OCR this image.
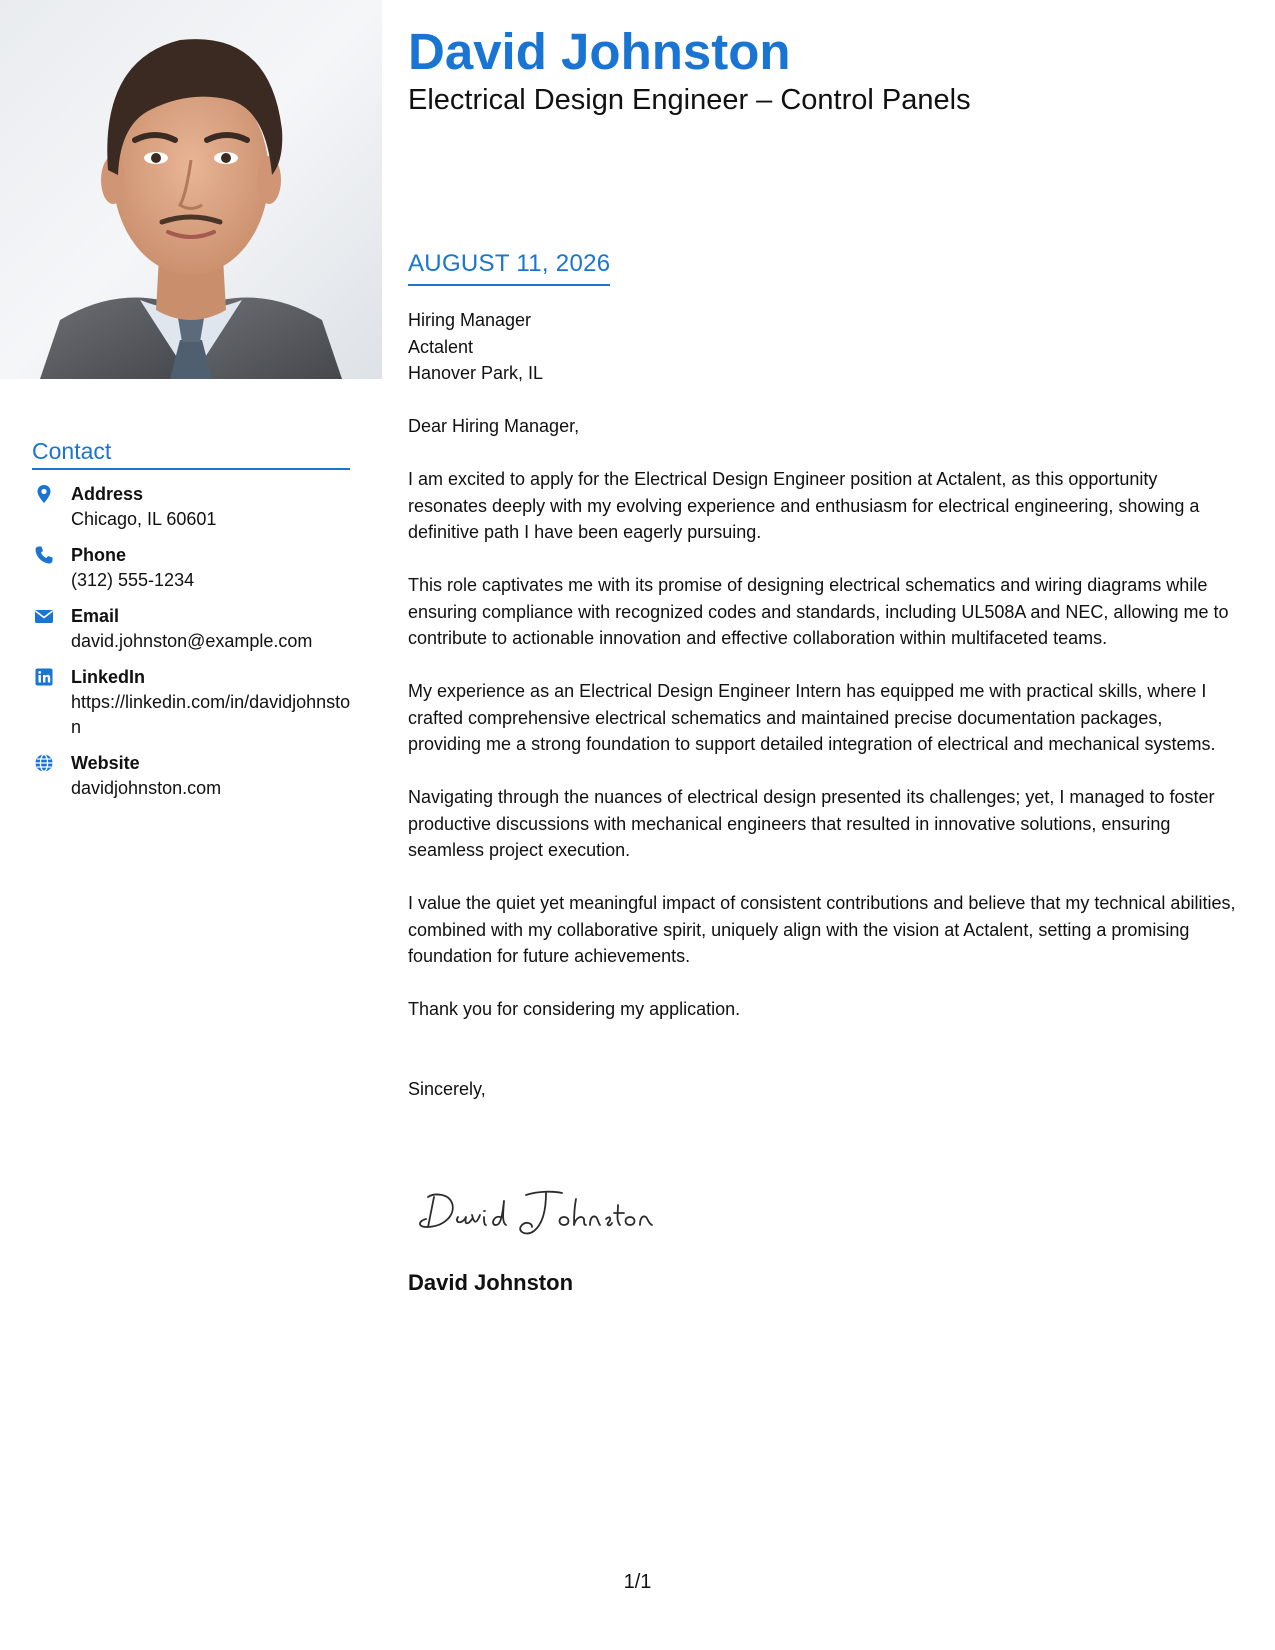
David Johnston
Electrical Design Engineer – Control Panels
AUGUST 11, 2026
Hiring Manager
Actalent
Hanover Park, IL

Dear Hiring Manager,

I am excited to apply for the Electrical Design Engineer position at Actalent, as this opportunity resonates deeply with my evolving experience and enthusiasm for electrical engineering, showing a definitive path I have been eagerly pursuing.

This role captivates me with its promise of designing electrical schematics and wiring diagrams while ensuring compliance with recognized codes and standards, including UL508A and NEC, allowing me to contribute to actionable innovation and effective collaboration within multifaceted teams.

My experience as an Electrical Design Engineer Intern has equipped me with practical skills, where I crafted comprehensive electrical schematics and maintained precise documentation packages, providing me a strong foundation to support detailed integration of electrical and mechanical systems.

Navigating through the nuances of electrical design presented its challenges; yet, I managed to foster productive discussions with mechanical engineers that resulted in innovative solutions, ensuring seamless project execution.

I value the quiet yet meaningful impact of consistent contributions and believe that my technical abilities, combined with my collaborative spirit, uniquely align with the vision at Actalent, setting a promising foundation for future achievements.

Thank you for considering my application.

Sincerely,

David Johnston
Contact
Address
Chicago, IL 60601
Phone
(312) 555-1234
Email
david.johnston@example.com
LinkedIn
https://linkedin.com/in/davidjohnston
Website
davidjohnston.com
1/1
